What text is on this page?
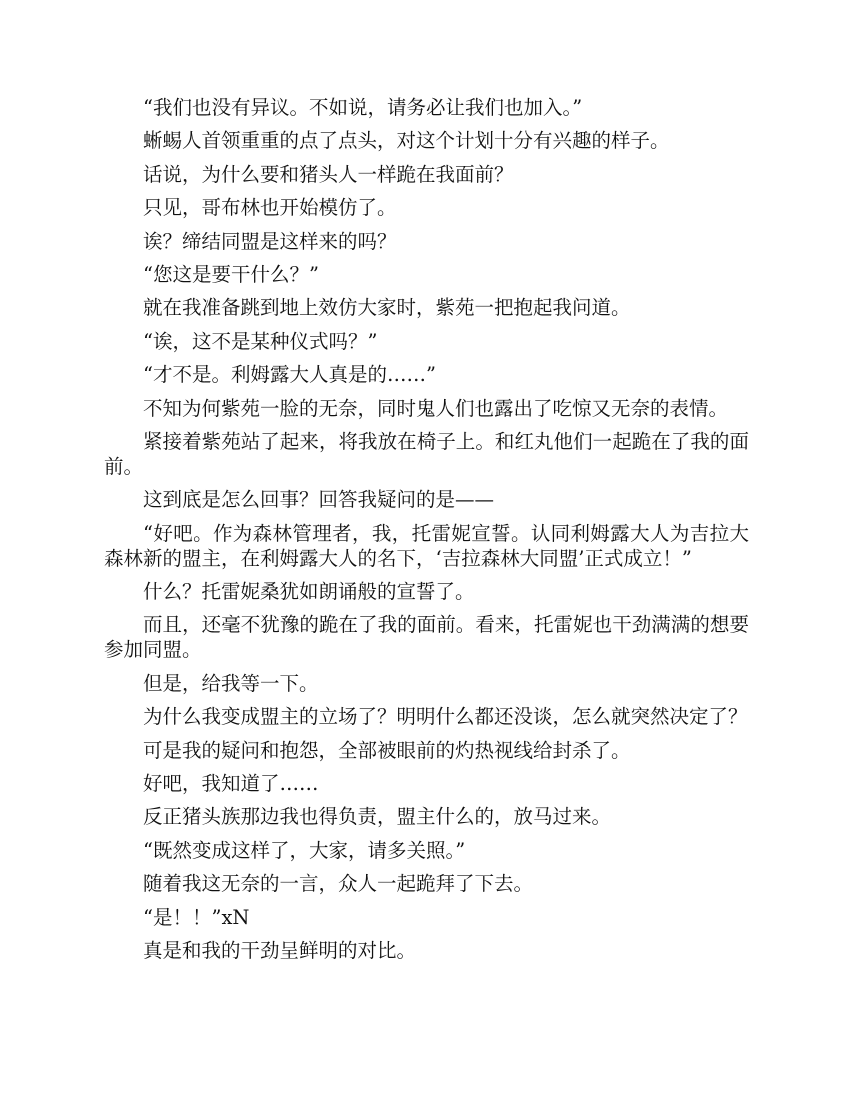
“我们也没有异议。不如说，请务必让我们也加入。”

蜥蜴人首领重重的点了点头，对这个计划十分有兴趣的样子。

话说，为什么要和猪头人一样跪在我面前？

只见，哥布林也开始模仿了。

诶？缔结同盟是这样来的吗？

“您这是要干什么？”

就在我准备跳到地上效仿大家时，紫苑一把抱起我问道。

“诶，这不是某种仪式吗？”

“才不是。利姆露大人真是的……”

不知为何紫苑一脸的无奈，同时鬼人们也露出了吃惊又无奈的表情。

紧接着紫苑站了起来，将我放在椅子上。和红丸他们一起跪在了我的面前。

这到底是怎么回事？回答我疑问的是——

“好吧。作为森林管理者，我，托雷妮宣誓。认同利姆露大人为吉拉大森林新的盟主，在利姆露大人的名下，‘吉拉森林大同盟’正式成立！”

什么？托雷妮桑犹如朗诵般的宣誓了。

而且，还毫不犹豫的跪在了我的面前。看来，托雷妮也干劲满满的想要参加同盟。

但是，给我等一下。

为什么我变成盟主的立场了？明明什么都还没谈，怎么就突然决定了？

可是我的疑问和抱怨，全部被眼前的灼热视线给封杀了。

好吧，我知道了……

反正猪头族那边我也得负责，盟主什么的，放马过来。

“既然变成这样了，大家，请多关照。”

随着我这无奈的一言，众人一起跪拜了下去。

“是！！”xN

真是和我的干劲呈鲜明的对比。
